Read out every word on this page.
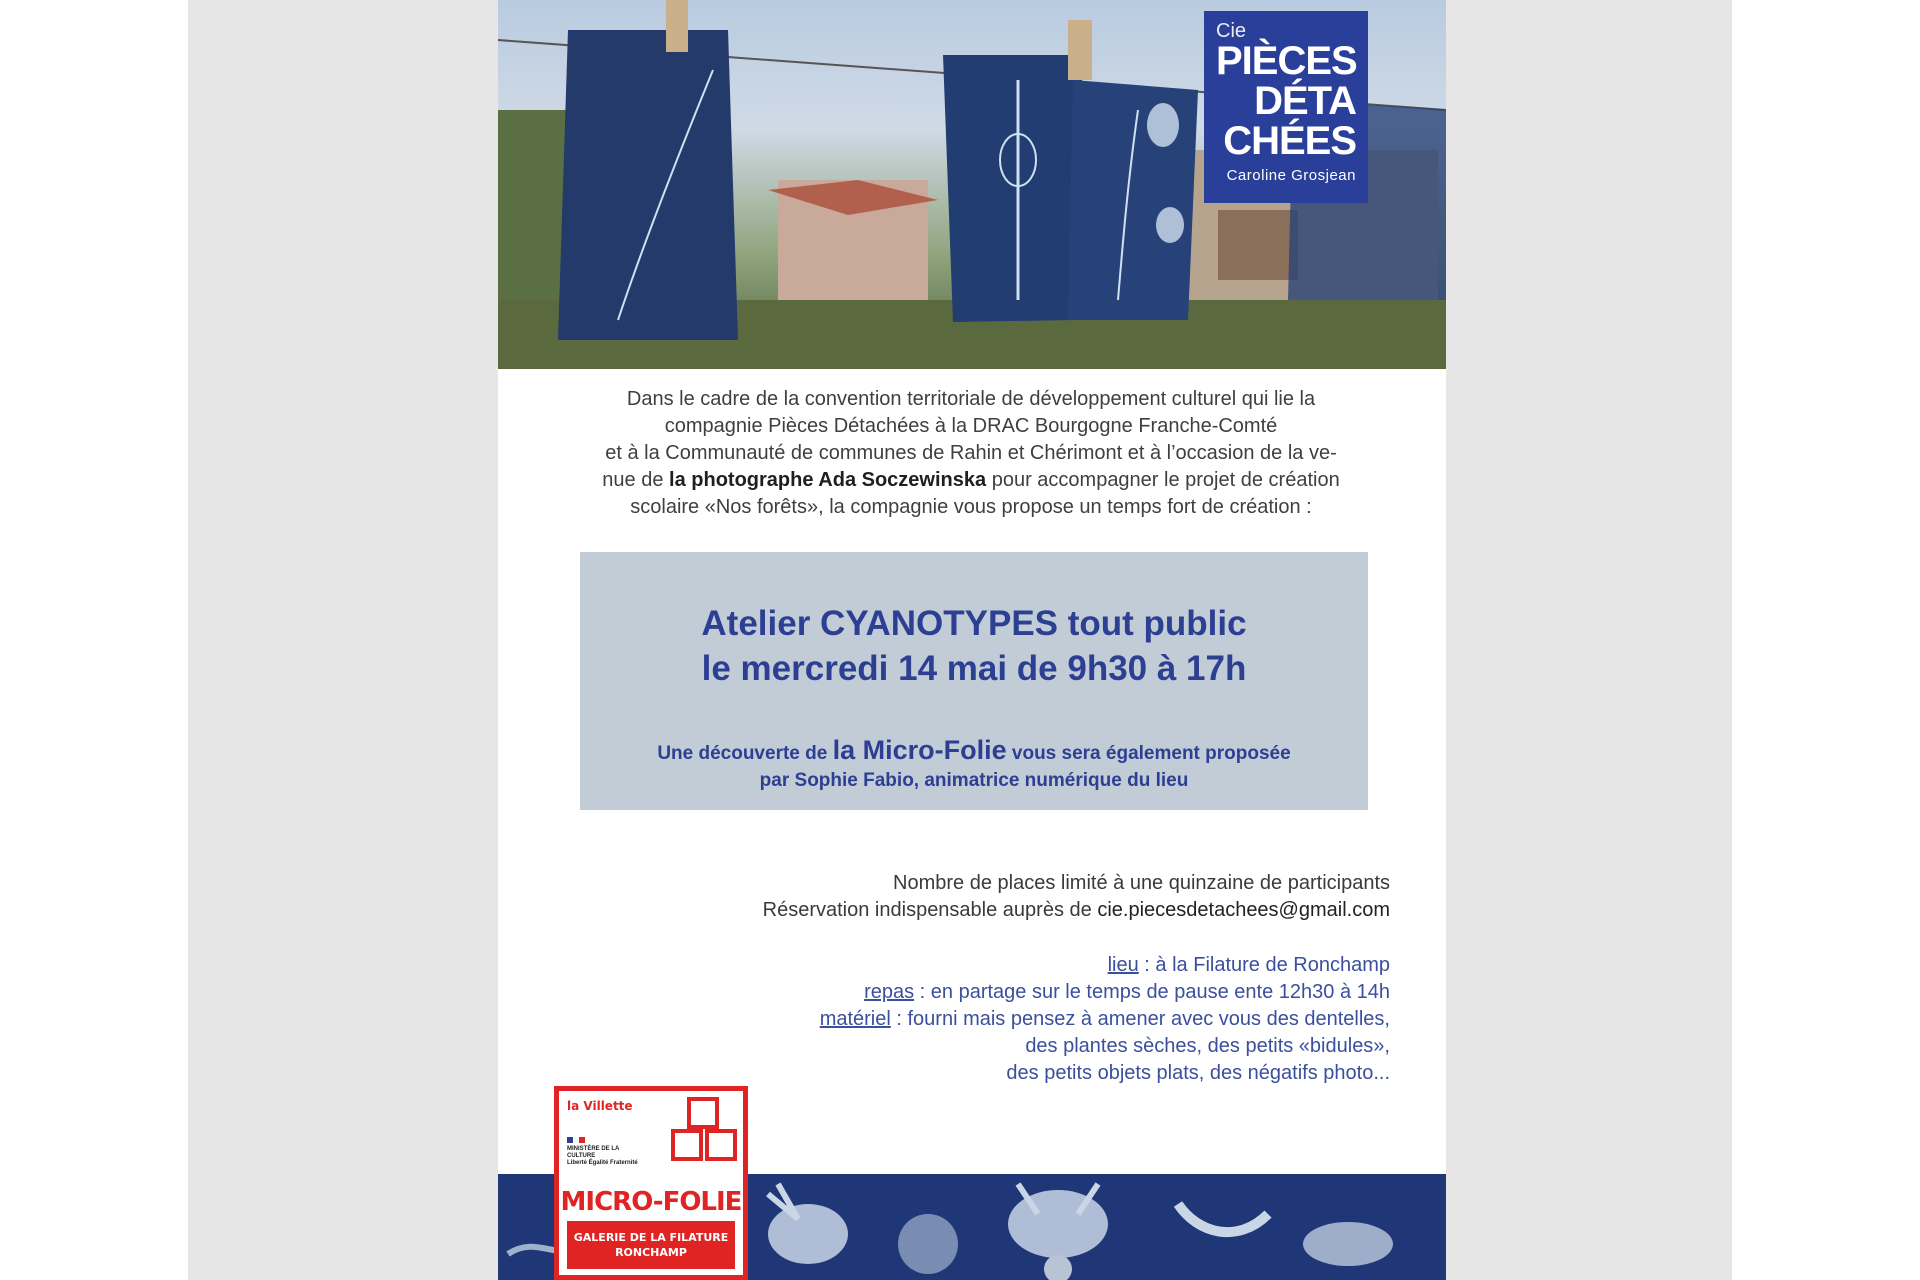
Cie
PIÈCES
DÉTA
CHÉES
Caroline Grosjean
Dans le cadre de la convention territoriale de développement culturel qui lie la
compagnie Pièces Détachées à la DRAC Bourgogne Franche-Comté
et à la Communauté de communes de Rahin et Chérimont et à l’occasion de la ve-
nue de la photographe Ada Soczewinska pour accompagner le projet de création
scolaire «Nos forêts», la compagnie vous propose un temps fort de création :
Atelier CYANOTYPES tout public
le mercredi 14 mai de 9h30 à 17h
Une découverte de la Micro-Folie vous sera également proposée
par Sophie Fabio, animatrice numérique du lieu
Nombre de places limité à une quinzaine de participants
Réservation indispensable auprès de cie.piecesdetachees@gmail.com
lieu : à la Filature de Ronchamp
repas : en partage sur le temps de pause ente 12h30 à 14h
matériel : fourni mais pensez à amener avec vous des dentelles,
des plantes sèches, des petits «bidules»,
des petits objets plats, des négatifs photo...
la Villette
MINISTÈRE DE LA CULTURE
Liberté Égalité Fraternité
MICRO-FOLIE
GALERIE DE LA FILATURE
RONCHAMP
